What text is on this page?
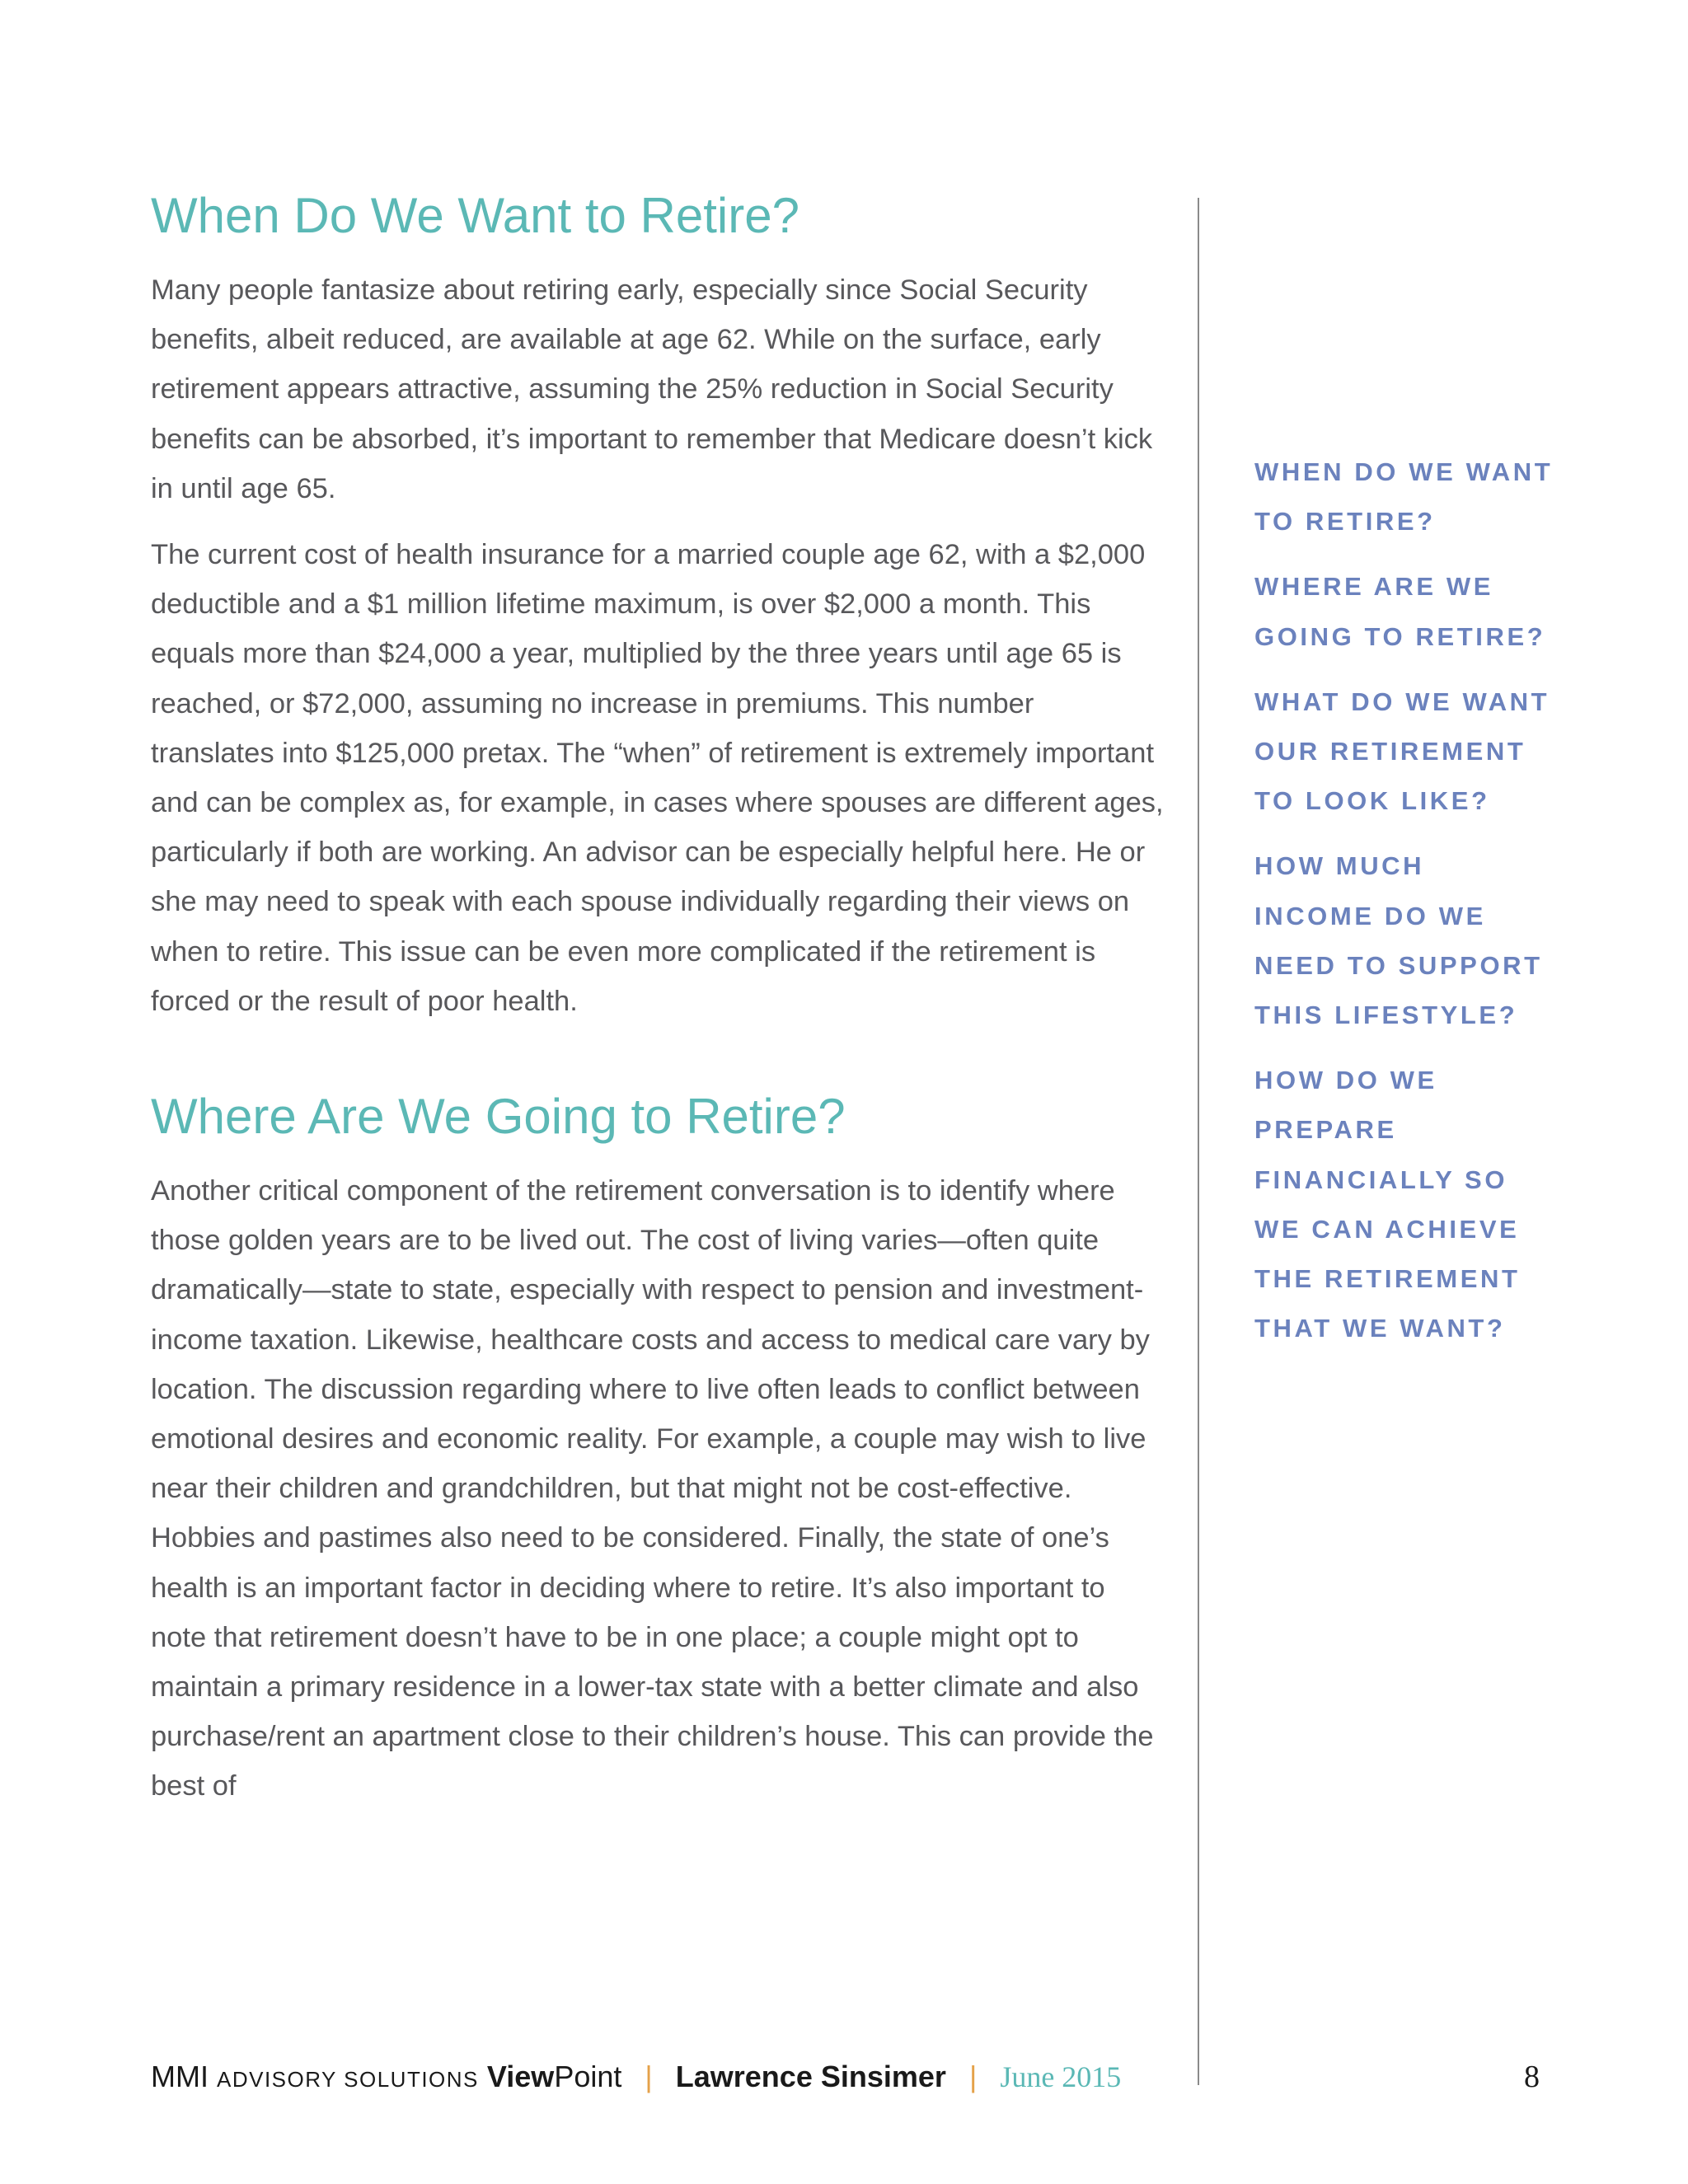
When Do We Want to Retire?

Many people fantasize about retiring early, especially since Social Security benefits, albeit reduced, are available at age 62. While on the surface, early retirement appears attractive, assuming the 25% reduction in Social Security benefits can be absorbed, it’s important to remember that Medicare doesn’t kick in until age 65.

The current cost of health insurance for a married couple age 62, with a $2,000 deductible and a $1 million lifetime maximum, is over $2,000 a month. This equals more than $24,000 a year, multiplied by the three years until age 65 is reached, or $72,000, assuming no increase in premiums. This number translates into $125,000 pretax. The “when” of retirement is extremely important and can be complex as, for example, in cases where spouses are different ages, particularly if both are working. An advisor can be especially helpful here. He or she may need to speak with each spouse individually regarding their views on when to retire. This issue can be even more complicated if the retirement is forced or the result of poor health.

Where Are We Going to Retire?

Another critical component of the retirement conversation is to identify where those golden years are to be lived out. The cost of living varies—often quite dramatically—state to state, especially with respect to pension and investment-income taxation. Likewise, healthcare costs and access to medical care vary by location. The discussion regarding where to live often leads to conflict between emotional desires and economic reality. For example, a couple may wish to live near their children and grandchildren, but that might not be cost-effective. Hobbies and pastimes also need to be considered. Finally, the state of one’s health is an important factor in deciding where to retire. It’s also important to note that retirement doesn’t have to be in one place; a couple might opt to maintain a primary residence in a lower-tax state with a better climate and also purchase/rent an apartment close to their children’s house. This can provide the best of

WHEN DO WE WANT
TO RETIRE?
WHERE ARE WE
GOING TO RETIRE?
WHAT DO WE WANT
OUR RETIREMENT
TO LOOK LIKE?
HOW MUCH
INCOME DO WE
NEED TO SUPPORT
THIS LIFESTYLE?
HOW DO WE
PREPARE
FINANCIALLY SO
WE CAN ACHIEVE
THE RETIREMENT
THAT WE WANT?
MMI ADVISORY SOLUTIONS ViewPoint | Lawrence Sinsimer | June 2015	8
